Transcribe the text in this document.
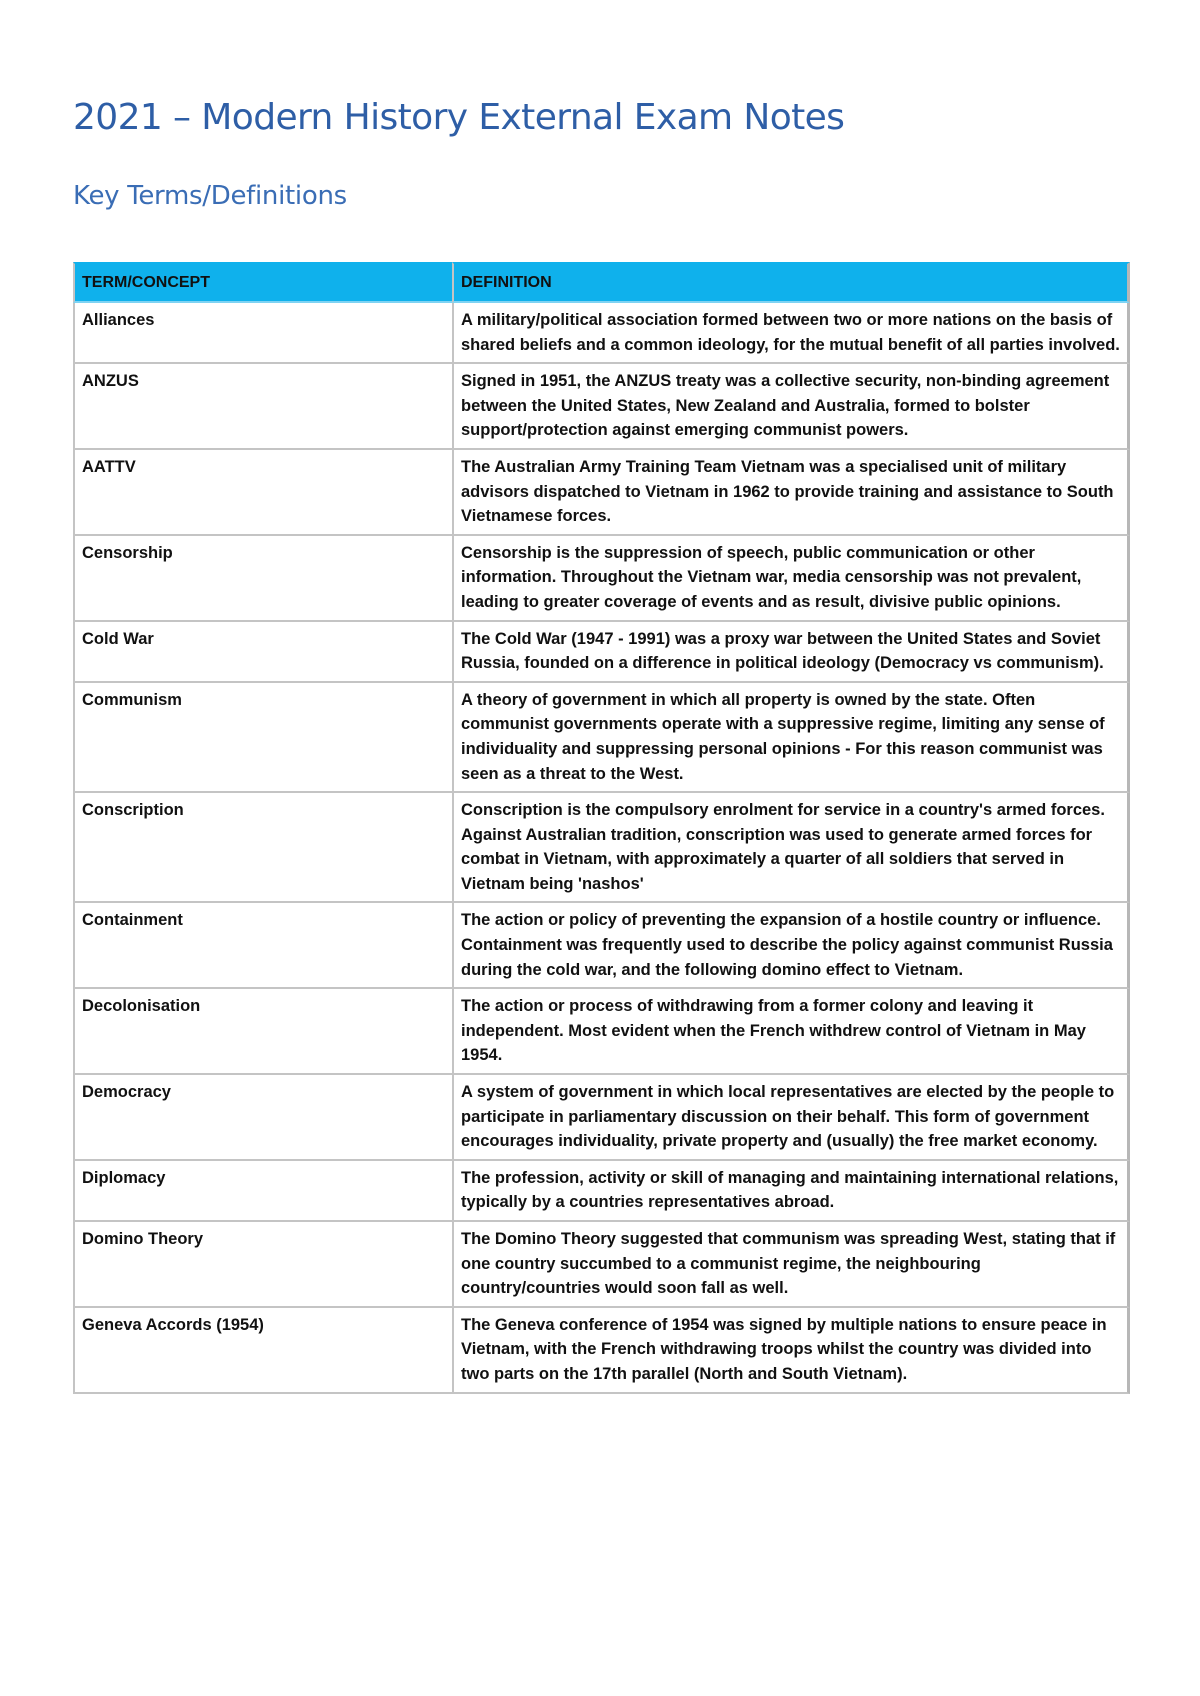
2021 – Modern History External Exam Notes
Key Terms/Definitions
TERM/CONCEPT	DEFINITION
Alliances	A military/political association formed between two or more nations on the basis of shared beliefs and a common ideology, for the mutual benefit of all parties involved.
ANZUS	Signed in 1951, the ANZUS treaty was a collective security, non-binding agreement between the United States, New Zealand and Australia, formed to bolster support/protection against emerging communist powers.
AATTV	The Australian Army Training Team Vietnam was a specialised unit of military advisors dispatched to Vietnam in 1962 to provide training and assistance to South Vietnamese forces.
Censorship	Censorship is the suppression of speech, public communication or other information. Throughout the Vietnam war, media censorship was not prevalent, leading to greater coverage of events and as result, divisive public opinions.
Cold War	The Cold War (1947 - 1991) was a proxy war between the United States and Soviet Russia, founded on a difference in political ideology (Democracy vs communism).
Communism	A theory of government in which all property is owned by the state. Often communist governments operate with a suppressive regime, limiting any sense of individuality and suppressing personal opinions - For this reason communist was seen as a threat to the West.
Conscription	Conscription is the compulsory enrolment for service in a country's armed forces. Against Australian tradition, conscription was used to generate armed forces for combat in Vietnam, with approximately a quarter of all soldiers that served in Vietnam being 'nashos'
Containment	The action or policy of preventing the expansion of a hostile country or influence. Containment was frequently used to describe the policy against communist Russia during the cold war, and the following domino effect to Vietnam.
Decolonisation	The action or process of withdrawing from a former colony and leaving it independent. Most evident when the French withdrew control of Vietnam in May 1954.
Democracy	A system of government in which local representatives are elected by the people to participate in parliamentary discussion on their behalf. This form of government encourages individuality, private property and (usually) the free market economy.
Diplomacy	The profession, activity or skill of managing and maintaining international relations, typically by a countries representatives abroad.
Domino Theory	The Domino Theory suggested that communism was spreading West, stating that if one country succumbed to a communist regime, the neighbouring country/countries would soon fall as well.
Geneva Accords (1954)	The Geneva conference of 1954 was signed by multiple nations to ensure peace in Vietnam, with the French withdrawing troops whilst the country was divided into two parts on the 17th parallel (North and South Vietnam).
